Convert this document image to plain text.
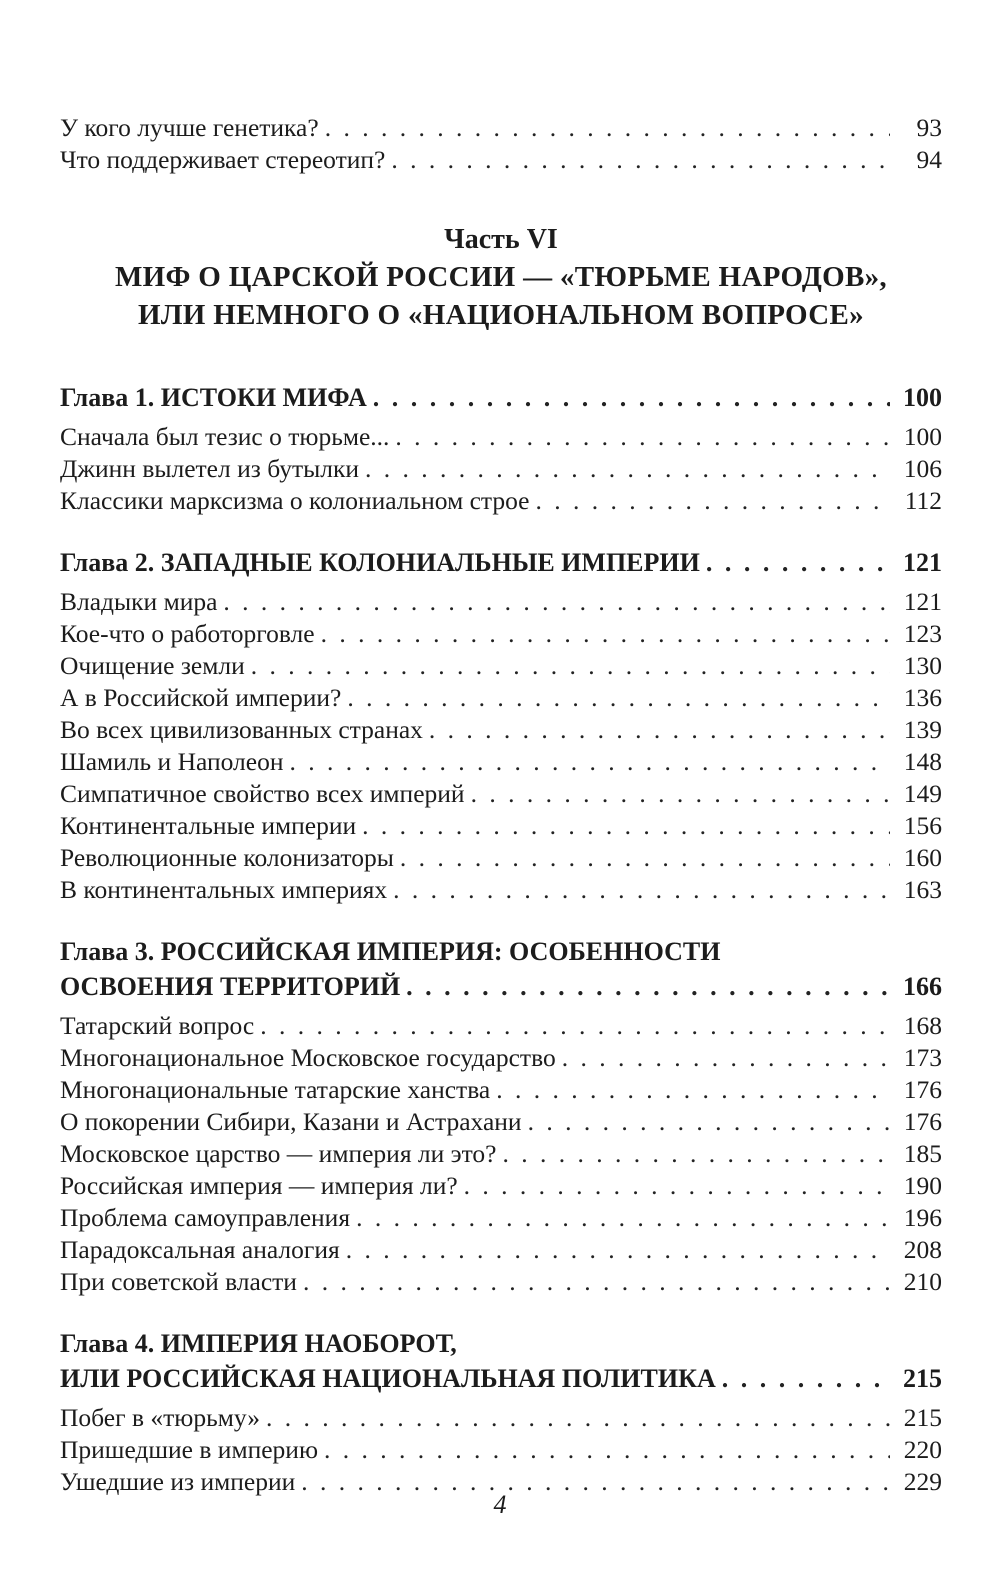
У кого лучше генетика? . . .	93
Что поддерживает стереотип? . . .	94
Часть VI
МИФ О ЦАРСКОЙ РОССИИ — «ТЮРЬМЕ НАРОДОВ»,
ИЛИ НЕМНОГО О «НАЦИОНАЛЬНОМ ВОПРОСЕ»
Глава 1. ИСТОКИ МИФА . . .	100
Сначала был тезис о тюрьме... . . .	100
Джинн вылетел из бутылки . . .	106
Классики марксизма о колониальном строе . . .	112
Глава 2. ЗАПАДНЫЕ КОЛОНИАЛЬНЫЕ ИМПЕРИИ . . .	121
Владыки мира . . .	121
Кое-что о работорговле . . .	123
Очищение земли . . .	130
А в Российской империи? . . .	136
Во всех цивилизованных странах . . .	139
Шамиль и Наполеон . . .	148
Симпатичное свойство всех империй . . .	149
Континентальные империи . . .	156
Революционные колонизаторы . . .	160
В континентальных империях . . .	163
Глава 3. РОССИЙСКАЯ ИМПЕРИЯ: ОСОБЕННОСТИ
ОСВОЕНИЯ ТЕРРИТОРИЙ . . .	166
Татарский вопрос . . .	168
Многонациональное Московское государство . . .	173
Многонациональные татарские ханства . . .	176
О покорении Сибири, Казани и Астрахани . . .	176
Московское царство — империя ли это? . . .	185
Российская империя — империя ли? . . .	190
Проблема самоуправления . . .	196
Парадоксальная аналогия . . .	208
При советской власти . . .	210
Глава 4. ИМПЕРИЯ НАОБОРОТ,
ИЛИ РОССИЙСКАЯ НАЦИОНАЛЬНАЯ ПОЛИТИКА . . .	215
Побег в «тюрьму» . . .	215
Пришедшие в империю . . .	220
Ушедшие из империи . . .	229
4
